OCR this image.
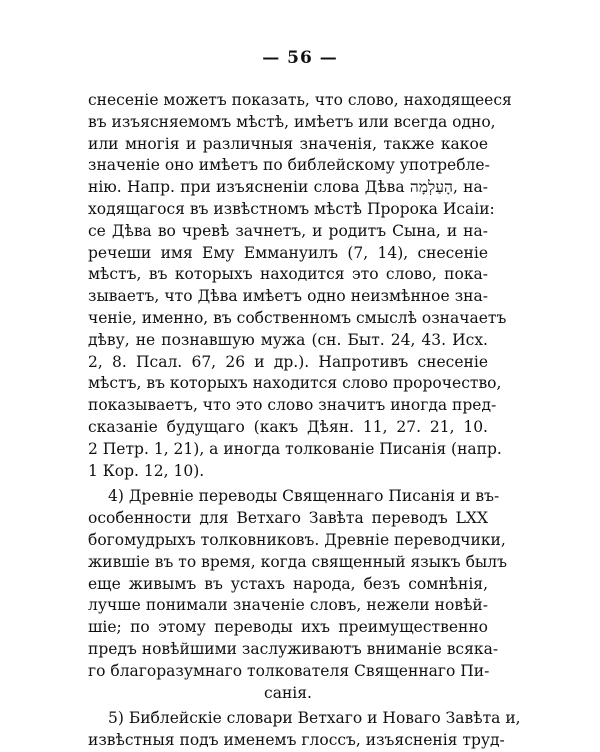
— 56 —
снесеніе можетъ показать, что слово, находящееся
въ изъясняемомъ мѣстѣ, имѣетъ или всегда одно,
или многія и различныя значенія, также какое
значеніе оно имѣетъ по библейскому употребле-
нію. Напр. при изъясненіи слова Дѣва הָעַלְמָה, на-
ходящагося въ извѣстномъ мѣстѣ Пророка Исаіи:
се Дѣва во чревѣ зачнетъ, и родитъ Сына, и на-
речеши имя Ему Еммануилъ (7, 14), снесеніе
мѣстъ, въ которыхъ находится это слово, пока-
зываетъ, что Дѣва имѣетъ одно неизмѣнное зна-
ченіе, именно, въ собственномъ смыслѣ означаетъ
дѣву, не познавшую мужа (сн. Быт. 24, 43. Исх.
2, 8. Псал. 67, 26 и др.). Напротивъ снесеніе
мѣстъ, въ которыхъ находится слово пророчество,
показываетъ, что это слово значитъ иногда пред-
сказаніе будущаго (какъ Дѣян. 11, 27. 21, 10.
2 Петр. 1, 21), а иногда толкованіе Писанія (напр.
1 Кор. 12, 10).
4) Древніе переводы Священнаго Писанія и въ-
особенности для Ветхаго Завѣта переводъ LXX
богомудрыхъ толковниковъ. Древніе переводчики,
жившіе въ то время, когда священный языкъ былъ
еще живымъ въ устахъ народа, безъ сомнѣнія,
лучше понимали значеніе словъ, нежели новѣй-
шіе; по этому переводы ихъ преимущественно
предъ новѣйшими заслуживаютъ вниманіе всяка-
го благоразумнаго толкователя Священнаго Пи-
санія.
5) Библейскіе словари Ветхаго и Новаго Завѣта и,
извѣстныя подъ именемъ глоссъ, изъясненія труд-
